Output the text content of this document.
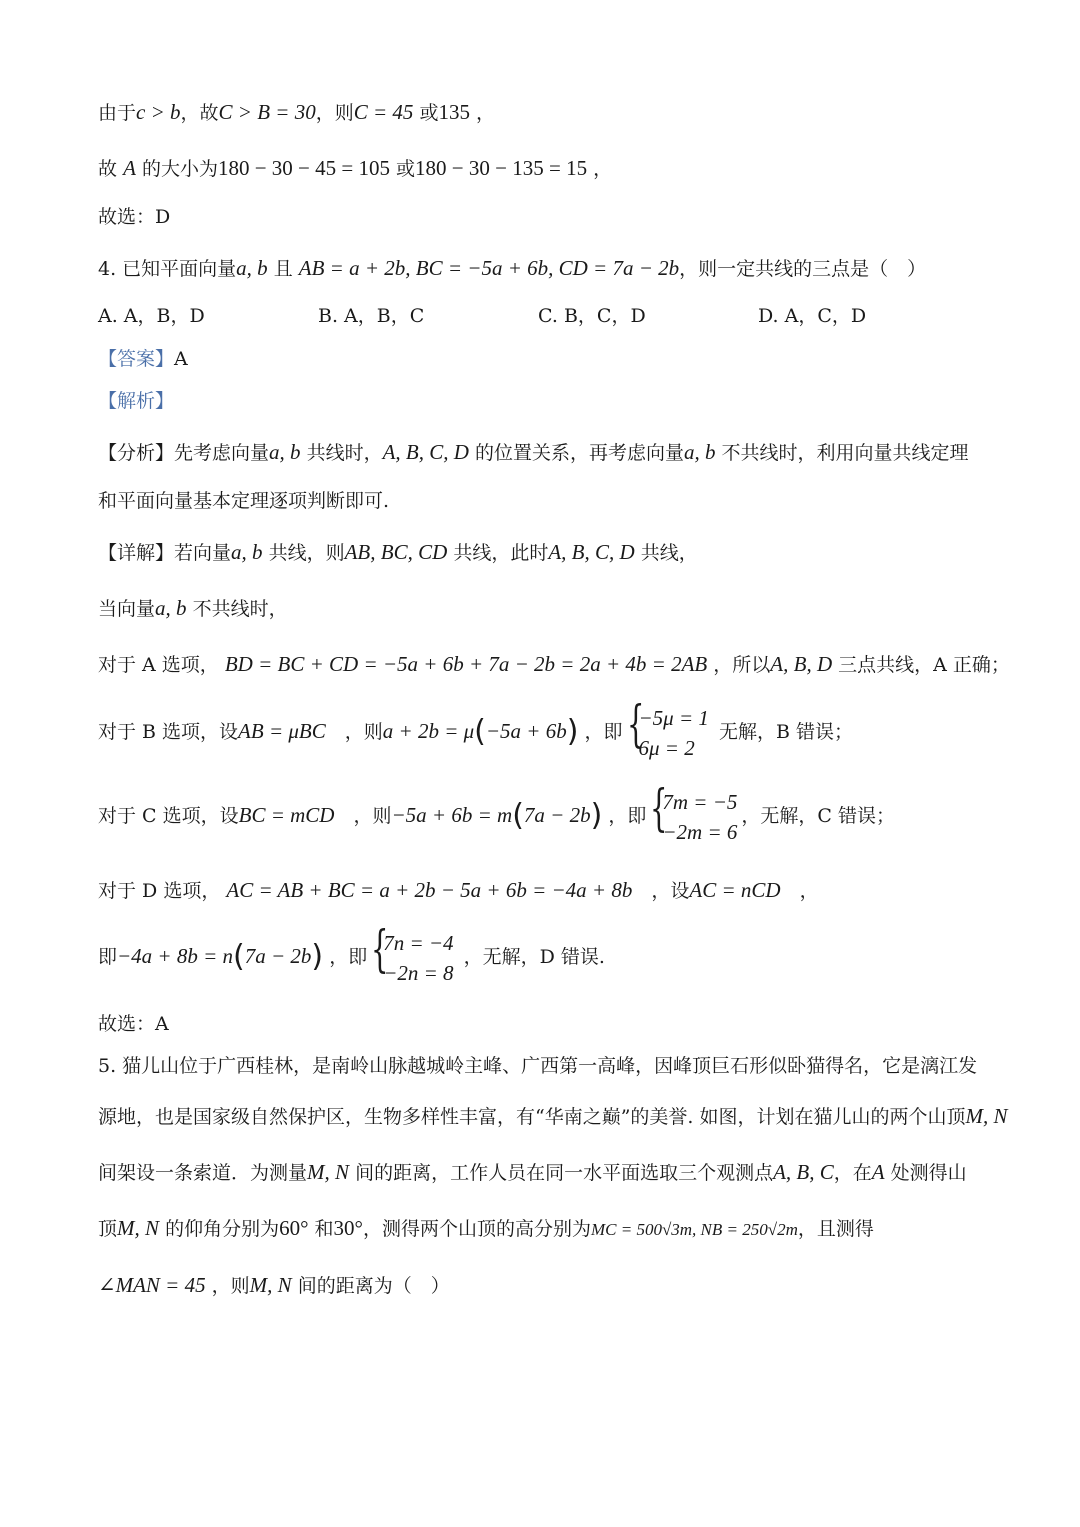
由于c > b，故C > B = 30，则C = 45 或135 ，
故 A 的大小为180 − 30 − 45 = 105 或180 − 30 − 135 = 15 ，
故选：D
4. 已知平面向量a, b 且 AB = a + 2b, BC = −5a + 6b, CD = 7a − 2b，则一定共线的三点是（　）
A. A，B，D	B. A，B，C	C. B，C，D	D. A，C，D
【答案】A
【解析】
【分析】先考虑向量a, b 共线时，A, B, C, D 的位置关系，再考虑向量a, b 不共线时，利用向量共线定理
和平面向量基本定理逐项判断即可.
【详解】若向量a, b 共线，则AB, BC, CD 共线，此时A, B, C, D 共线，
当向量a, b 不共线时，
对于 A 选项， BD = BC + CD = −5a + 6b + 7a − 2b = 2a + 4b = 2AB ，所以A, B, D 三点共线，A 正确；
对于 B 选项，设AB = μBC　 ，则a + 2b = μ(−5a + 6b) ，即 {
−5μ = 1
6μ = 2
无解，B 错误；
对于 C 选项，设BC = mCD　 ，则−5a + 6b = m(7a − 2b) ，即 {
7m = −5
−2m = 6
，无解，C 错误；
对于 D 选项， AC = AB + BC = a + 2b − 5a + 6b = −4a + 8b　 ，设AC = nCD　 ，
即−4a + 8b = n(7a − 2b) ，即 {
7n = −4
−2n = 8
，无解，D 错误.
故选：A
5. 猫儿山位于广西桂林，是南岭山脉越城岭主峰、广西第一高峰，因峰顶巨石形似卧猫得名，它是漓江发
源地，也是国家级自然保护区，生物多样性丰富，有“华南之巅”的美誉. 如图，计划在猫儿山的两个山顶M, N
间架设一条索道．为测量M, N 间的距离，工作人员在同一水平面选取三个观测点A, B, C，在A 处测得山
顶M, N 的仰角分别为60° 和30°，测得两个山顶的高分别为MC = 500√3m, NB = 250√2m，且测得
∠MAN = 45 ，则M, N 间的距离为（　）
